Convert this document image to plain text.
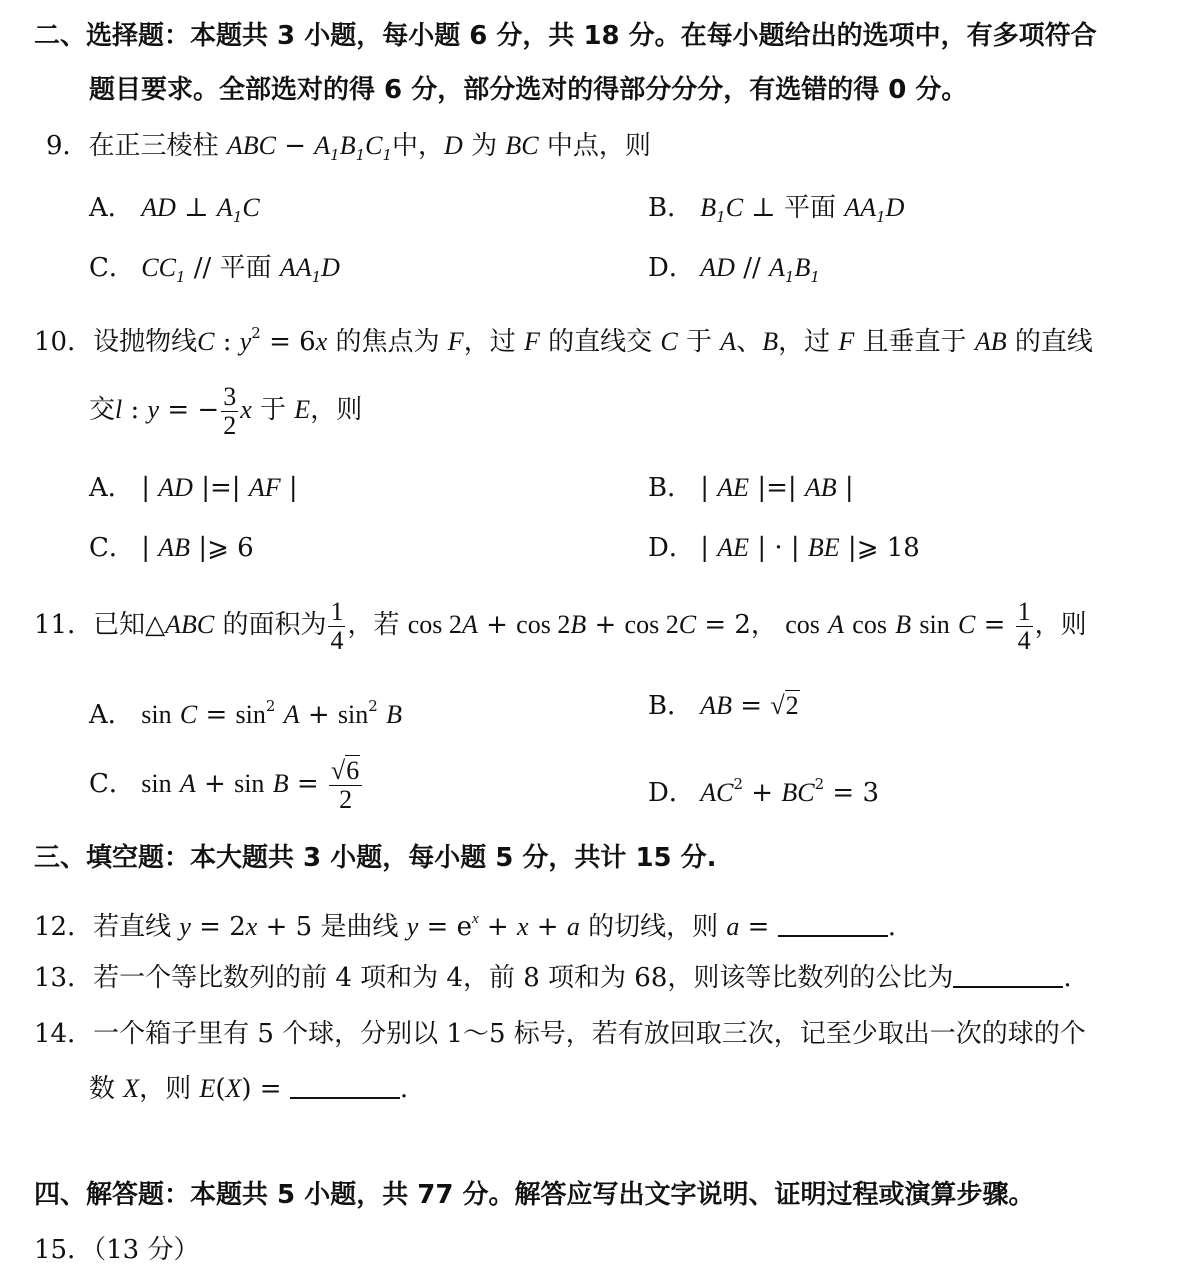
二、选择题：本题共 3 小题，每小题 6 分，共 18 分。在每小题给出的选项中，有多项符合
题目要求。全部选对的得 6 分，部分选对的得部分分分，有选错的得 0 分。
9．在正三棱柱 ABC − $A_1B_1C_1$中，D 为 BC 中点，则
A． AD ⊥ $A_1C$	B． $B_1C$ ⊥ 平面 $AA_1D$
C． $CC_1$ // 平面 $AA_1D$	D． AD // $A_1B_1$
10．设抛物线C : $y^2 = 6x$ 的焦点为 F，过 F 的直线交 C 于 A、B，过 F 且垂直于 AB 的直线
交l : y = − $\frac{3}{2}$ x 于 E，则
A． | AD |=| AF |	B． | AE |=| AB |
C． | AB |⩾ 6	D． | AE | · | BE |⩾ 18
11．已知△ABC 的面积为 $\frac{1}{4}$ ，若 cos 2A + cos 2B + cos 2C = 2， cos A cos B $\sin C = \frac{1}{4}$ ，则
A． $\sin C = \sin^2 A + \sin^2 B$	B． AB = √2
C． $\sin A + \sin B = \frac{√6}{2}$	D． $AC^2 + BC^2 = 3$
三、填空题：本大题共 3 小题，每小题 5 分，共计 15 分.
12．若直线 y = 2x + 5 是曲线 $y = e^x + x + a$ 的切线，则 a =	.
13．若一个等比数列的前 4 项和为 4，前 8 项和为 68，则该等比数列的公比为	.
14．一个箱子里有 5 个球，分别以 1～5 标号，若有放回取三次，记至少取出一次的球的个
数 X，则 E(X) =	.
四、解答题：本题共 5 小题，共 77 分。解答应写出文字说明、证明过程或演算步骤。
15．（13 分）
